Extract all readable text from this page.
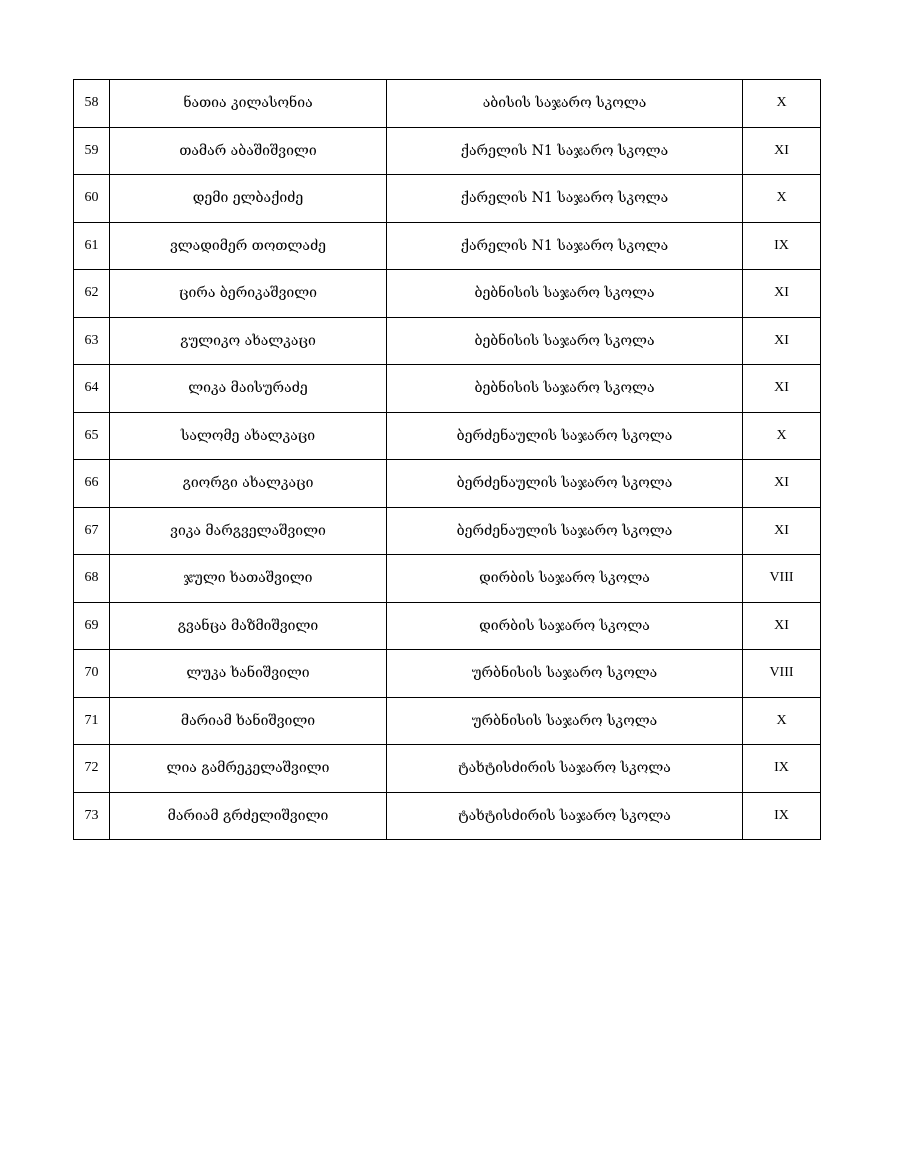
58	ნათია კილასონია	აბისის საჯარო სკოლა	X
59	თამარ აბაშიშვილი	ქარელის N1 საჯარო სკოლა	XI
60	დემი ელბაქიძე	ქარელის N1 საჯარო სკოლა	X
61	ვლადიმერ თოთლაძე	ქარელის N1 საჯარო სკოლა	IX
62	ცირა ბერიკაშვილი	ბებნისის საჯარო სკოლა	XI
63	გულიკო ახალკაცი	ბებნისის საჯარო სკოლა	XI
64	ლიკა მაისურაძე	ბებნისის საჯარო სკოლა	XI
65	სალომე ახალკაცი	ბერძენაულის საჯარო სკოლა	X
66	გიორგი ახალკაცი	ბერძენაულის საჯარო სკოლა	XI
67	ვიკა მარგველაშვილი	ბერძენაულის საჯარო სკოლა	XI
68	ჯული ხათაშვილი	დირბის საჯარო სკოლა	VIII
69	გვანცა მაზმიშვილი	დირბის საჯარო სკოლა	XI
70	ლუკა ხანიშვილი	ურბნისის საჯარო სკოლა	VIII
71	მარიამ ხანიშვილი	ურბნისის საჯარო სკოლა	X
72	ლია გამრეკელაშვილი	ტახტისძირის საჯარო სკოლა	IX
73	მარიამ გრძელიშვილი	ტახტისძირის საჯარო სკოლა	IX
